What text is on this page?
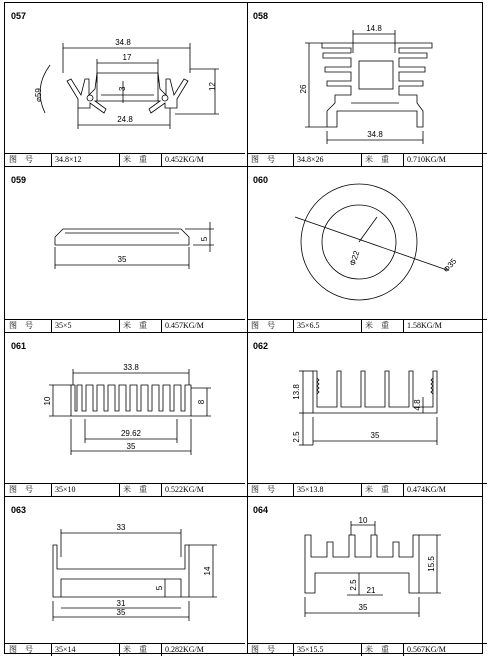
057
34.8
17
3	12
24.8
⌀59
图　号	34.8×12	米　重 0.452KG/M
058
14.8
26
34.8
图　号	34.8×26	米　重 0.710KG/M
059
5
35
图　号	35×5	米　重 0.457KG/M
060
Φ22	Φ35
图　号	35×6.5	米　重 1.58KG/M
061
33.8
10	8
29.62
35
图　号	35×10	米　重 0.522KG/M
062
13.8
4.8
2.5	35
图　号	35×13.8	米　重 0.474KG/M
063
33
14
5
31
35
图　号	35×14	米　重 0.282KG/M
064
10
15.5
2.5 21
35
图　号	35×15.5	米　重 0.567KG/M
